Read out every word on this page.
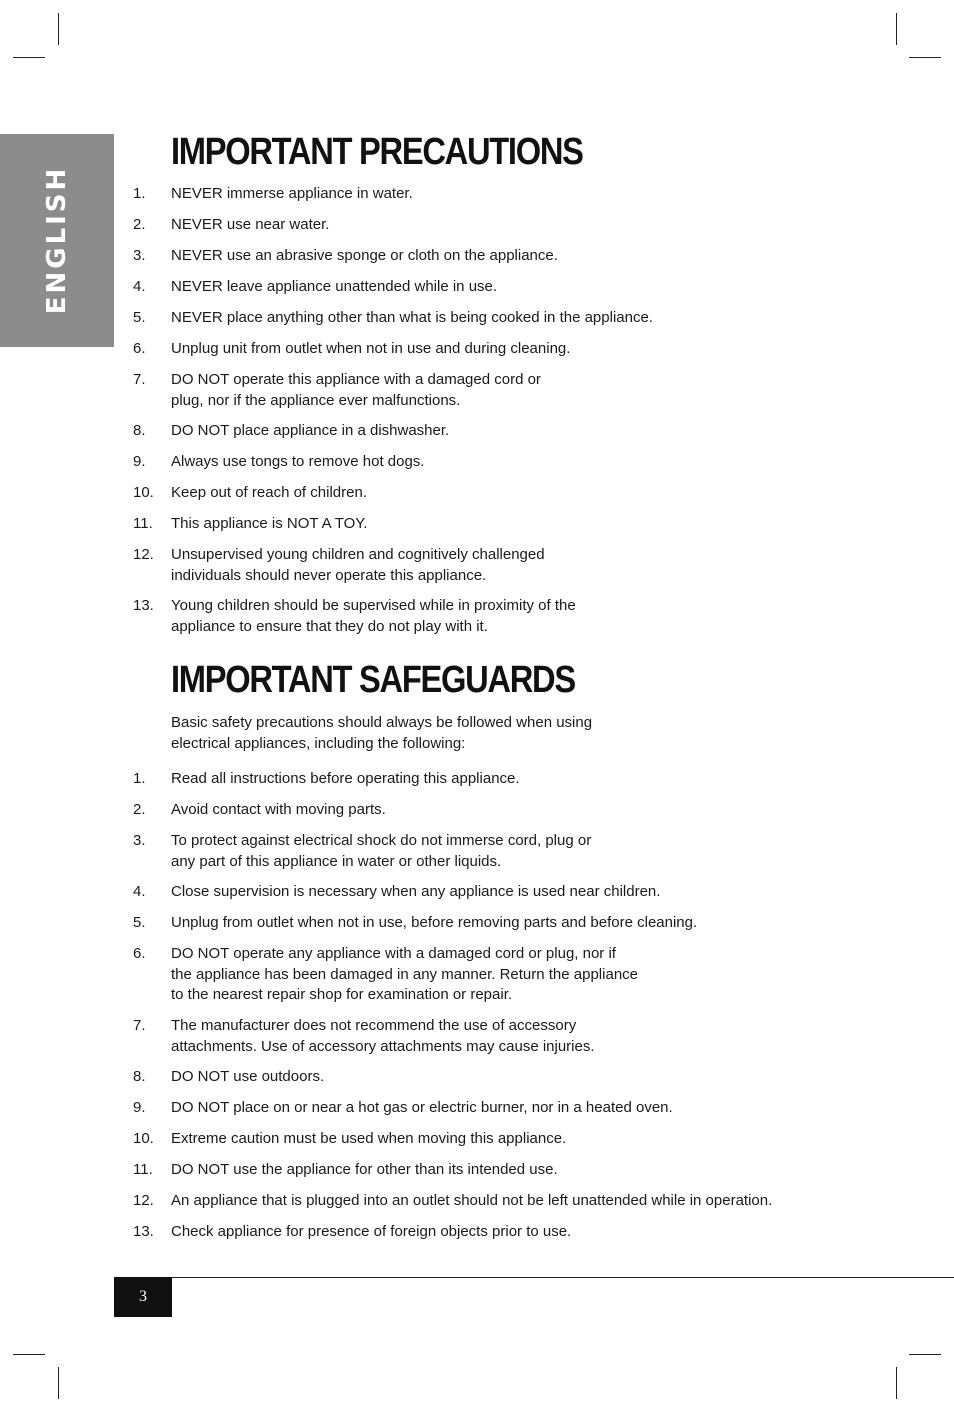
ENGLISH
IMPORTANT PRECAUTIONS
1. NEVER immerse appliance in water.
2. NEVER use near water.
3. NEVER use an abrasive sponge or cloth on the appliance.
4. NEVER leave appliance unattended while in use.
5. NEVER place anything other than what is being cooked in the appliance.
6. Unplug unit from outlet when not in use and during cleaning.
7. DO NOT operate this appliance with a damaged cord or
plug, nor if the appliance ever malfunctions.
8. DO NOT place appliance in a dishwasher.
9. Always use tongs to remove hot dogs.
10. Keep out of reach of children.
11. This appliance is NOT A TOY.
12. Unsupervised young children and cognitively challenged
individuals should never operate this appliance.
13. Young children should be supervised while in proximity of the
appliance to ensure that they do not play with it.
IMPORTANT SAFEGUARDS
Basic safety precautions should always be followed when using
electrical appliances, including the following:
1. Read all instructions before operating this appliance.
2. Avoid contact with moving parts.
3. To protect against electrical shock do not immerse cord, plug or
any part of this appliance in water or other liquids.
4. Close supervision is necessary when any appliance is used near children.
5. Unplug from outlet when not in use, before removing parts and before cleaning.
6. DO NOT operate any appliance with a damaged cord or plug, nor if
the appliance has been damaged in any manner. Return the appliance
to the nearest repair shop for examination or repair.
7. The manufacturer does not recommend the use of accessory
attachments. Use of accessory attachments may cause injuries.
8. DO NOT use outdoors.
9. DO NOT place on or near a hot gas or electric burner, nor in a heated oven.
10. Extreme caution must be used when moving this appliance.
11. DO NOT use the appliance for other than its intended use.
12. An appliance that is plugged into an outlet should not be left unattended while in operation.
13. Check appliance for presence of foreign objects prior to use.
3
